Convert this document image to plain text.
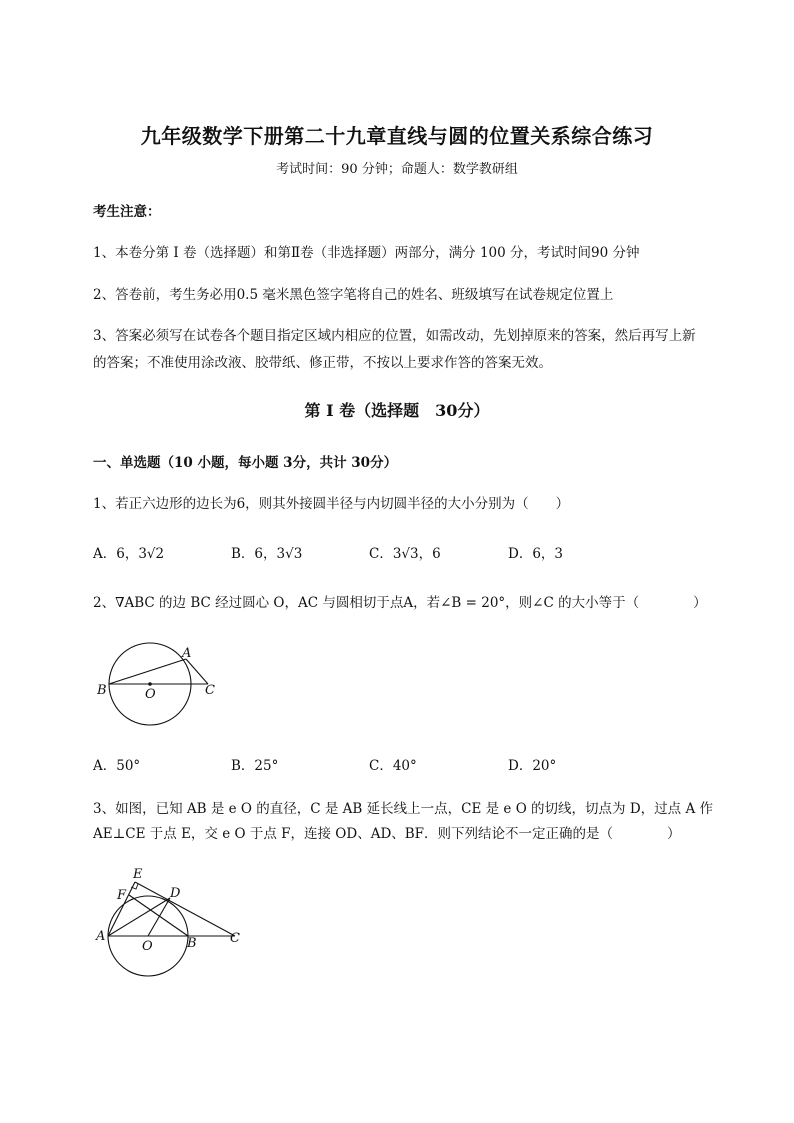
九年级数学下册第二十九章直线与圆的位置关系综合练习
考试时间：90 分钟；命题人：数学教研组
考生注意：
1、本卷分第 I 卷（选择题）和第Ⅱ卷（非选择题）两部分，满分 100 分，考试时间90 分钟
2、答卷前，考生务必用0.5 毫米黑色签字笔将自己的姓名、班级填写在试卷规定位置上
3、答案必须写在试卷各个题目指定区域内相应的位置，如需改动，先划掉原来的答案，然后再写上新
的答案；不准使用涂改液、胶带纸、修正带，不按以上要求作答的答案无效。
第 I 卷（选择题　30分）
一、单选题（10 小题，每小题 3分，共计 30分）
1、若正六边形的边长为6，则其外接圆半径与内切圆半径的大小分别为（　　）
A．6，3√2	B．6，3√3	C．3√3，6	D．6，3
2、∇ABC 的边 BC 经过圆心 O，AC 与圆相切于点A，若∠B = 20°，则∠C 的大小等于（　　　　）
A
B	O	C
A．50°	B．25°	C．40°	D．20°
3、如图，已知 AB 是 e O 的直径，C 是 AB 延长线上一点，CE 是 e O 的切线，切点为 D，过点 A 作
AE⊥CE 于点 E，交 e O 于点 F，连接 OD、AD、BF．则下列结论不一定正确的是（　　　　）
E
F	D
A
O	B	C
